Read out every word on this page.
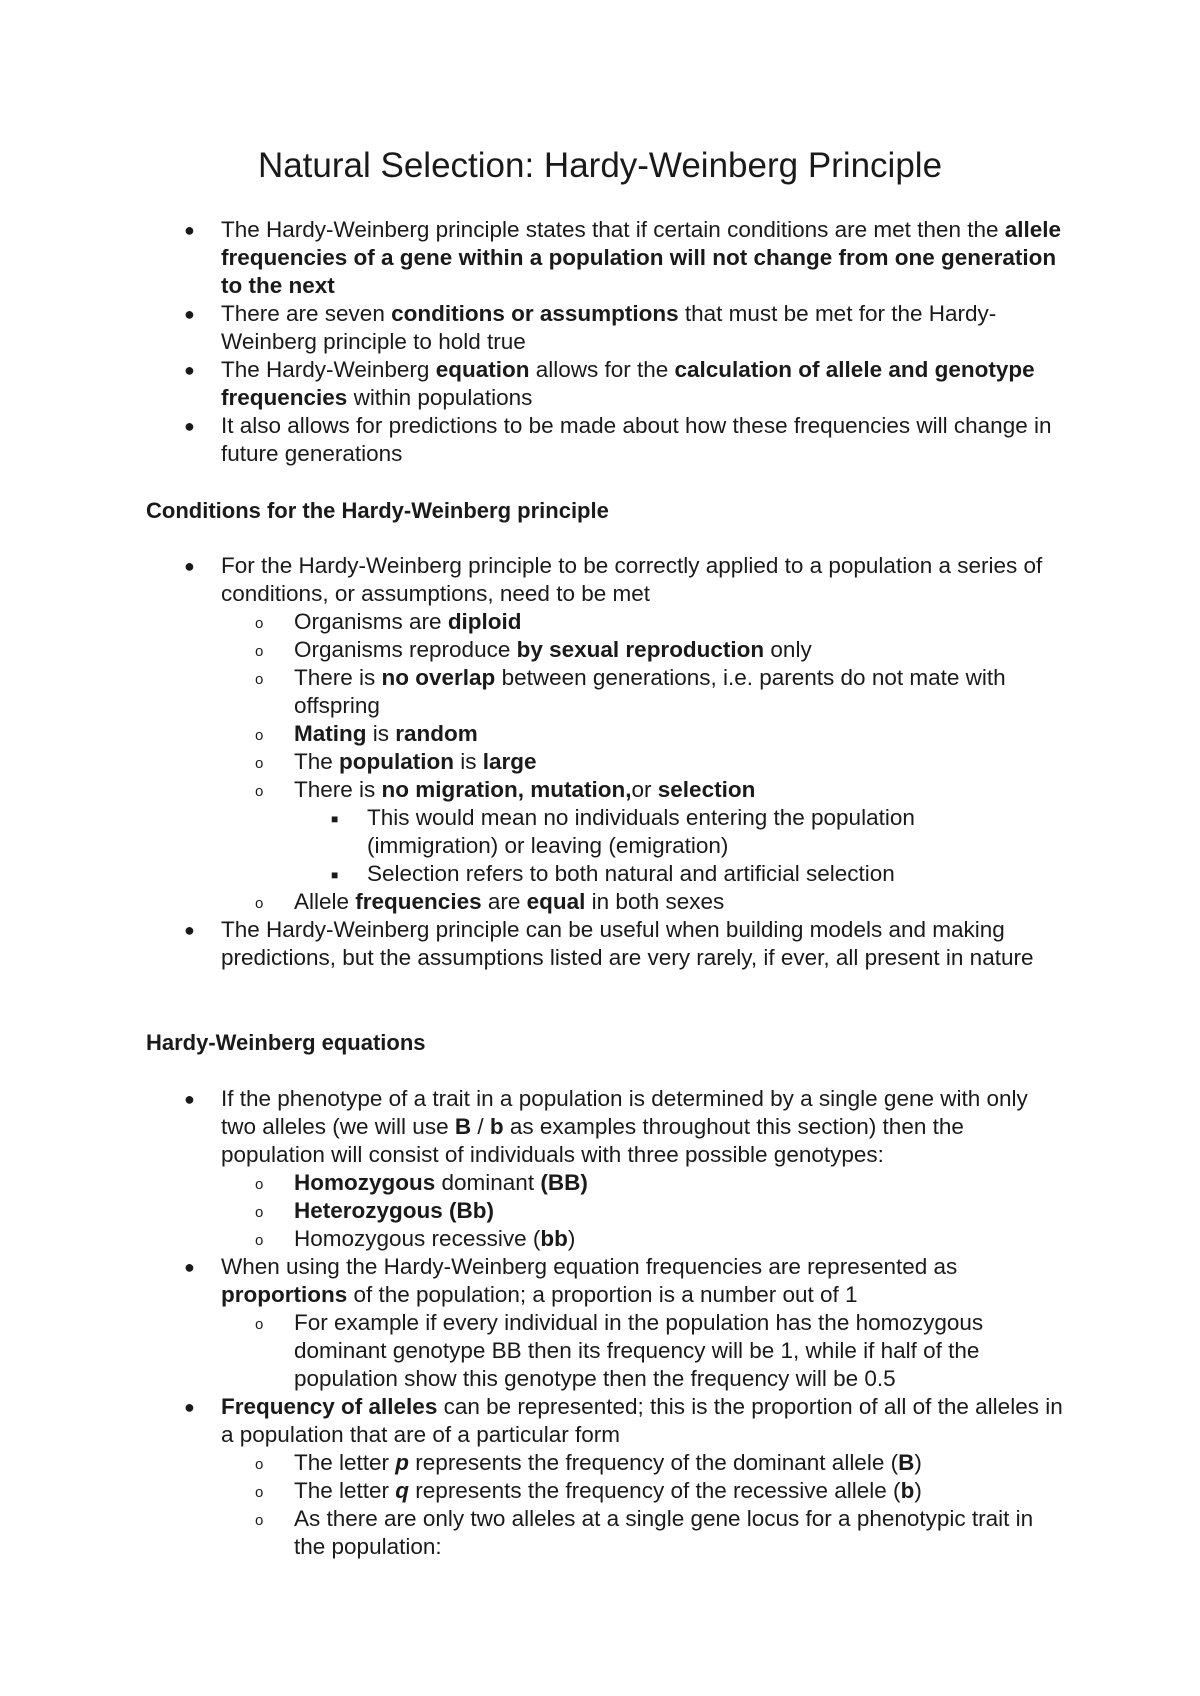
Natural Selection: Hardy-Weinberg Principle
● The Hardy-Weinberg principle states that if certain conditions are met then the allele frequencies of a gene within a population will not change from one generation to the next
● There are seven conditions or assumptions that must be met for the Hardy-Weinberg principle to hold true
● The Hardy-Weinberg equation allows for the calculation of allele and genotype frequencies within populations
● It also allows for predictions to be made about how these frequencies will change in future generations
Conditions for the Hardy-Weinberg principle
● For the Hardy-Weinberg principle to be correctly applied to a population a series of conditions, or assumptions, need to be met
o Organisms are diploid
o Organisms reproduce by sexual reproduction only
o There is no overlap between generations, i.e. parents do not mate with offspring
o Mating is random
o The population is large
o There is no migration, mutation,or selection
■ This would mean no individuals entering the population (immigration) or leaving (emigration)
■ Selection refers to both natural and artificial selection
o Allele frequencies are equal in both sexes
● The Hardy-Weinberg principle can be useful when building models and making predictions, but the assumptions listed are very rarely, if ever, all present in nature
Hardy-Weinberg equations
● If the phenotype of a trait in a population is determined by a single gene with only two alleles (we will use B / b as examples throughout this section) then the population will consist of individuals with three possible genotypes:
o Homozygous dominant (BB)
o Heterozygous (Bb)
o Homozygous recessive (bb)
● When using the Hardy-Weinberg equation frequencies are represented as proportions of the population; a proportion is a number out of 1
o For example if every individual in the population has the homozygous dominant genotype BB then its frequency will be 1, while if half of the population show this genotype then the frequency will be 0.5
● Frequency of alleles can be represented; this is the proportion of all of the alleles in a population that are of a particular form
o The letter p represents the frequency of the dominant allele (B)
o The letter q represents the frequency of the recessive allele (b)
o As there are only two alleles at a single gene locus for a phenotypic trait in the population:
